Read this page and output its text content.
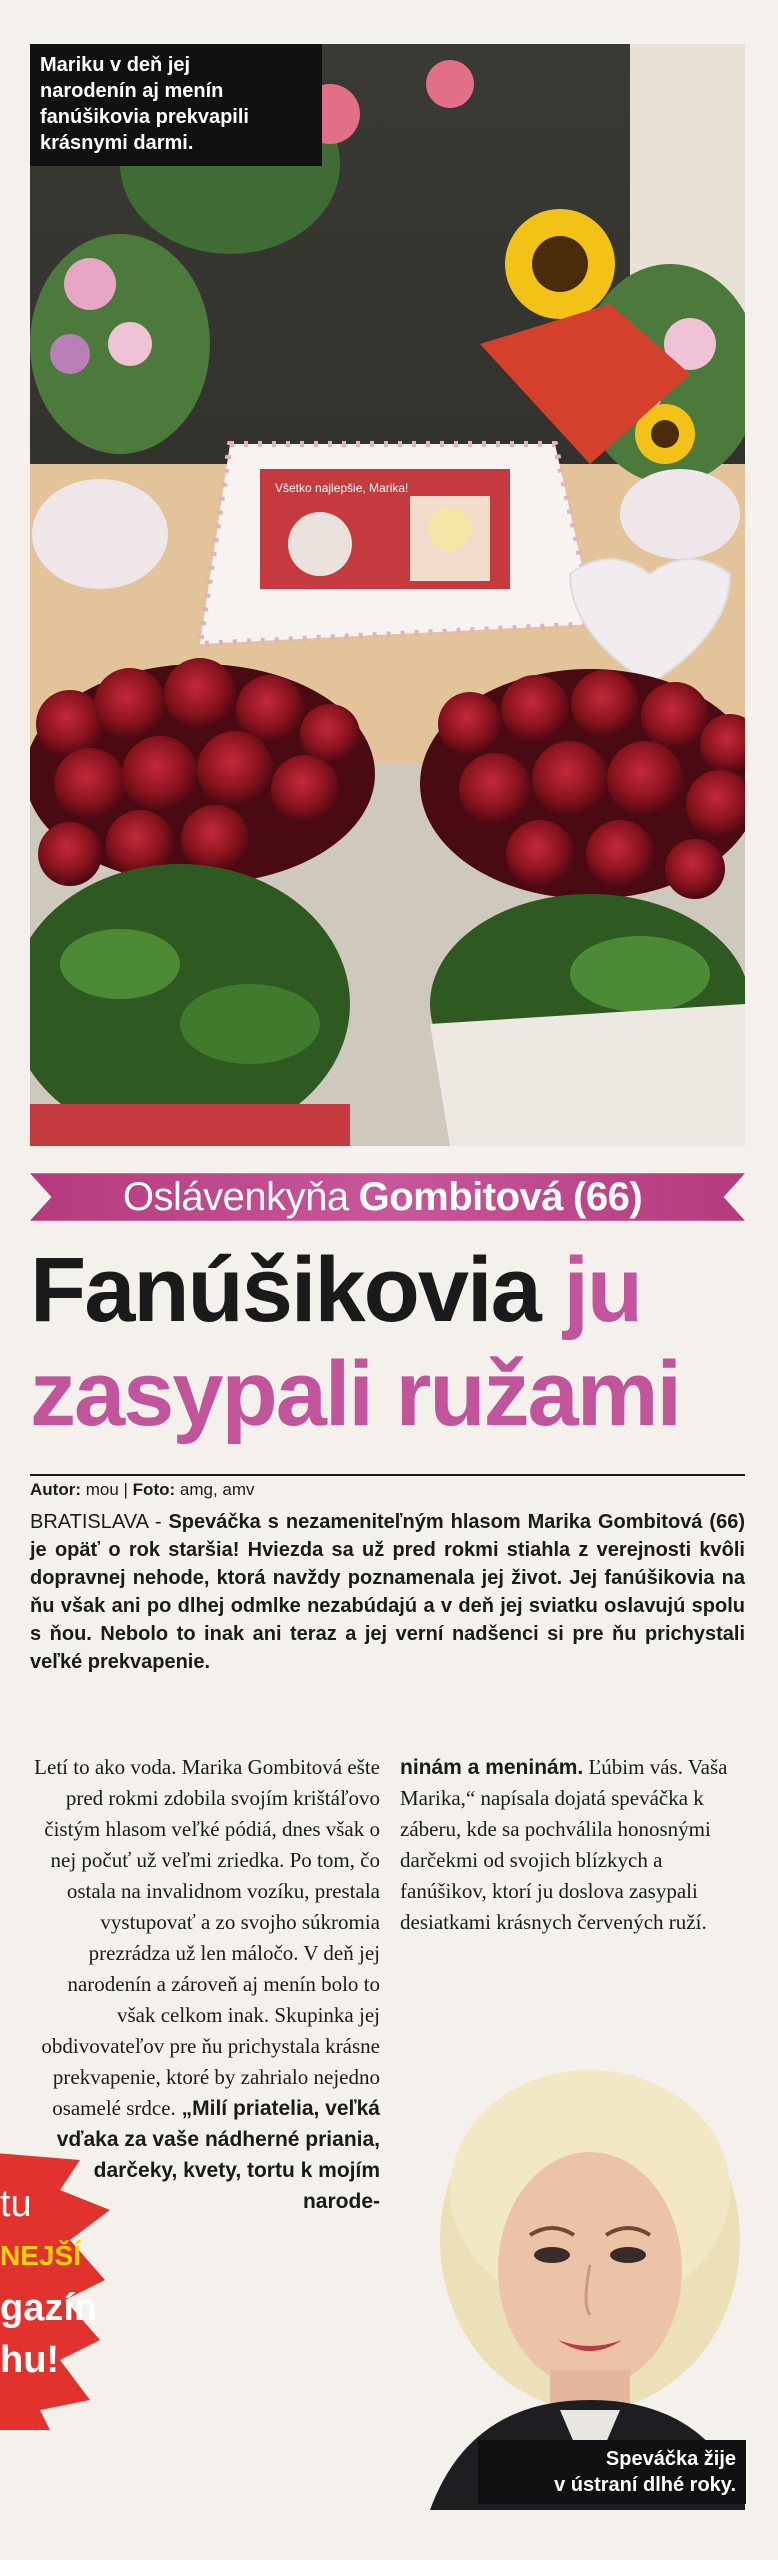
Všetko najlepšie, Marika!
Mariku v deň jej
narodenín aj menín
fanúšikovia prekvapili
krásnymi darmi.
Oslávenkyňa Gombitová (66)
Fanúšikovia ju
zasypali ružami
Autor: mou | Foto: amg, amv

BRATISLAVA - Speváčka s nezameniteľným hlasom Marika Gombitová (66) je opäť o rok staršia! Hviezda sa už pred rokmi stiahla z verejnosti kvôli dopravnej nehode, ktorá navždy poznamenala jej život. Jej fanúšikovia na ňu však ani po dlhej odmlke nezabúdajú a v deň jej sviatku oslavujú spolu s ňou. Nebolo to inak ani teraz a jej verní nadšenci si pre ňu prichystali veľké prekvapenie.

Letí to ako voda. Marika Gombitová ešte pred rokmi zdobila svojím krištáľovo čistým hlasom veľké pódiá, dnes však o nej počuť už veľmi zriedka. Po tom, čo ostala na invalidnom vozíku, prestala vystupovať a zo svojho súkromia prezrádza už len máločo. V deň jej narodenín a zároveň aj menín bolo to však celkom inak. Skupinka jej obdivovateľov pre ňu prichystala krásne prekvapenie, ktoré by zahrialo nejedno osamelé srdce. „Milí priatelia, veľká vďaka za vaše nádherné priania, darčeky, kvety, tortu k mojím narode-

ninám a meninám. Ľúbim vás. Vaša Marika,“ napísala dojatá speváčka k záberu, kde sa pochválila honosnými darčekmi od svojich blízkych a fanúšikov, ktorí ju doslova zasypali desiatkami krásnych červených ruží.

Speváčka žije
v ústraní dlhé roky.
tu
NEJŠÍ
gazín
hu!
